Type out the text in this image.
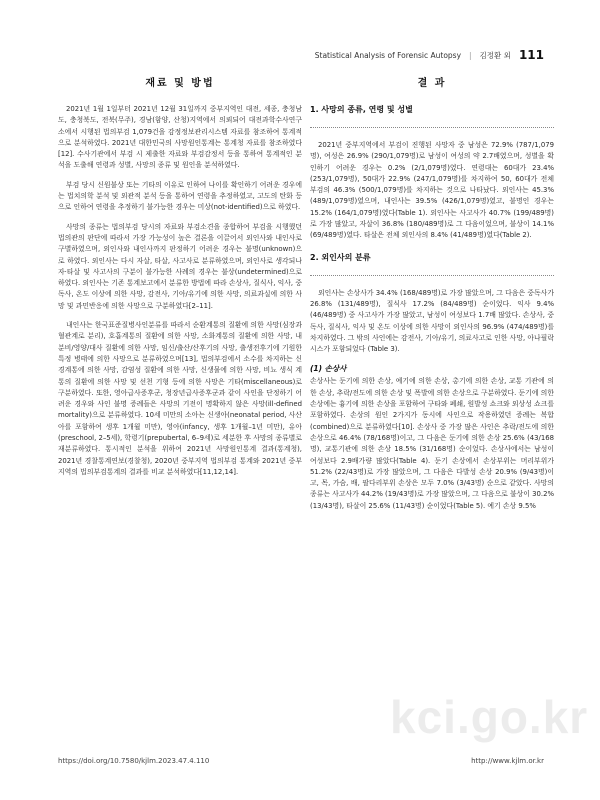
Statistical Analysis of Forensic Autopsy | 김정환 외 111
재료 및 방법

2021년 1월 1일부터 2021년 12월 31일까지 중부지역인 대전, 세종, 충청남도, 충청북도, 전북(무주), 경남(함양, 산청)지역에서 의뢰되어 대전과학수사연구소에서 시행된 법의부검 1,079건을 감정정보관리시스템 자료를 참조하여 통계적으로 분석하였다. 2021년 대한민국의 사망원인통계는 통계청 자료를 참조하였다[12]. 수사기관에서 부검 시 제출한 자료와 부검감정서 등을 통하여 통계적인 분석을 도출해 연령과 성별, 사망의 종류 및 원인을 분석하였다.

부검 당시 신원불상 또는 기타의 이유로 인하여 나이를 확인하기 어려운 경우에는 법치의학 분석 및 외관적 분석 등을 통하여 연령을 추정하였고, 고도의 탄화 등으로 인하여 연령을 추정하기 불가능한 경우는 미상(not-identified)으로 하였다.

사망의 종류는 법의부검 당시의 자료와 부검소견을 종합하여 부검을 시행했던 법의관의 판단에 따라서 가장 가능성이 높은 결론을 이끌어서 외인사와 내인사로 구별하였으며, 외인사와 내인사까지 판정하기 어려운 경우는 불명(unknown)으로 하였다. 외인사는 다시 자살, 타살, 사고사로 분류하였으며, 외인사로 생각되나 자·타살 및 사고사의 구분이 불가능한 사례의 경우는 불상(undetermined)으로 하였다. 외인사는 기존 통계보고에서 분류한 방법에 따라 손상사, 질식사, 익사, 중독사, 온도 이상에 의한 사망, 감전사, 기아/유기에 의한 사망, 의료과실에 의한 사망 및 과민반응에 의한 사망으로 구분하였다[2–11].

내인사는 한국표준질병사인분류를 따라서 순환계통의 질환에 의한 사망(심장과 혈관계로 분리), 호흡계통의 질환에 의한 사망, 소화계통의 질환에 의한 사망, 내분비/영양/대사 질환에 의한 사망, 임신/출산/산후기의 사망, 출생전후기에 기원한 특정 병태에 의한 사망으로 분류하였으며[13], 법의부검에서 소수를 차지하는 신경계통에 의한 사망, 감염성 질환에 의한 사망, 신생물에 의한 사망, 비뇨 생식 계통의 질환에 의한 사망 및 선천 기형 등에 의한 사망은 기타(miscellaneous)로 구분하였다. 또한, 영아급사증후군, 청장년급사증후군과 같이 사인을 단정하기 어려운 경우와 사인 불명 증례들은 사망의 기전이 명확하지 않은 사망(ill-defined mortality)으로 분류하였다. 10세 미만의 소아는 신생아(neonatal period, 사산아를 포함하여 생후 1개월 미만), 영아(infancy, 생후 1개월–1년 미만), 유아(preschool, 2–5세), 학령기(prepubertal, 6–9세)로 세분한 후 사망의 종류별로 재분류하였다. 통시적인 분석을 위하여 2021년 사망원인통계 결과(통계청), 2021년 경찰통계연보(경찰청), 2020년 중부지역 법의부검 통계와 2021년 중부지역의 법의부검통계의 결과를 비교 분석하였다[11,12,14].

결 과
1. 사망의 종류, 연령 및 성별

2021년 중부지역에서 부검이 진행된 사망자 중 남성은 72.9% (787/1,079명), 여성은 26.9% (290/1,079명)로 남성이 여성의 약 2.7배였으며, 성별을 확인하기 어려운 경우는 0.2% (2/1,079명)였다. 연령대는 60대가 23.4% (253/1,079명), 50대가 22.9% (247/1,079명)를 차지하여 50, 60대가 전체 부검의 46.3% (500/1,079명)를 차지하는 것으로 나타났다. 외인사는 45.3% (489/1,079명)였으며, 내인사는 39.5% (426/1,079명)였고, 불명인 경우는 15.2% (164/1,079명)였다(Table 1). 외인사는 사고사가 40.7% (199/489명)로 가장 많았고, 자살이 36.8% (180/489명)로 그 다음이었으며, 불상이 14.1% (69/489명)였다. 타살은 전체 외인사의 8.4% (41/489명)였다(Table 2).

2. 외인사의 분류

외인사는 손상사가 34.4% (168/489명)로 가장 많았으며, 그 다음은 중독사가 26.8% (131/489명), 질식사 17.2% (84/489명) 순이었다. 익사 9.4% (46/489명) 중 사고사가 가장 많았고, 남성이 여성보다 1.7배 많았다. 손상사, 중독사, 질식사, 익사 및 온도 이상에 의한 사망이 외인사의 96.9% (474/489명)를 차지하였다. 그 밖의 사인에는 감전사, 기아/유기, 의료사고로 인한 사망, 아나필락시스가 포함되었다 (Table 3).

(1) 손상사

손상사는 둔기에 의한 손상, 예기에 의한 손상, 총기에 의한 손상, 교통 기관에 의한 손상, 추락/전도에 의한 손상 및 폭발에 의한 손상으로 구분하였다. 둔기에 의한 손상에는 흉기에 의한 손상을 포함하여 구타와 폐쇄, 원발성 쇼크와 외상성 쇼크를 포함하였다. 손상의 원인 2가지가 동시에 사인으로 작용하였던 증례는 복합(combined)으로 분류하였다[10]. 손상사 중 가장 많은 사인은 추락/전도에 의한 손상으로 46.4% (78/168명)이고, 그 다음은 둔기에 의한 손상 25.6% (43/168명), 교통기관에 의한 손상 18.5% (31/168명) 순이었다. 손상사에서는 남성이 여성보다 2.9배가량 많았다(Table 4). 둔기 손상에서 손상부위는 머리부위가 51.2% (22/43명)로 가장 많았으며, 그 다음은 다발성 손상 20.9% (9/43명)이고, 목, 가슴, 배, 팔다리부위 손상은 모두 7.0% (3/43명) 순으로 같았다. 사망의 종류는 사고사가 44.2% (19/43명)로 가장 많았으며, 그 다음으로 불상이 30.2% (13/43명), 타살이 25.6% (11/43명) 순이었다(Table 5). 예기 손상 9.5%

kci.go.kr
https://doi.org/10.7580/kjlm.2023.47.4.110	http://www.kjlm.or.kr
